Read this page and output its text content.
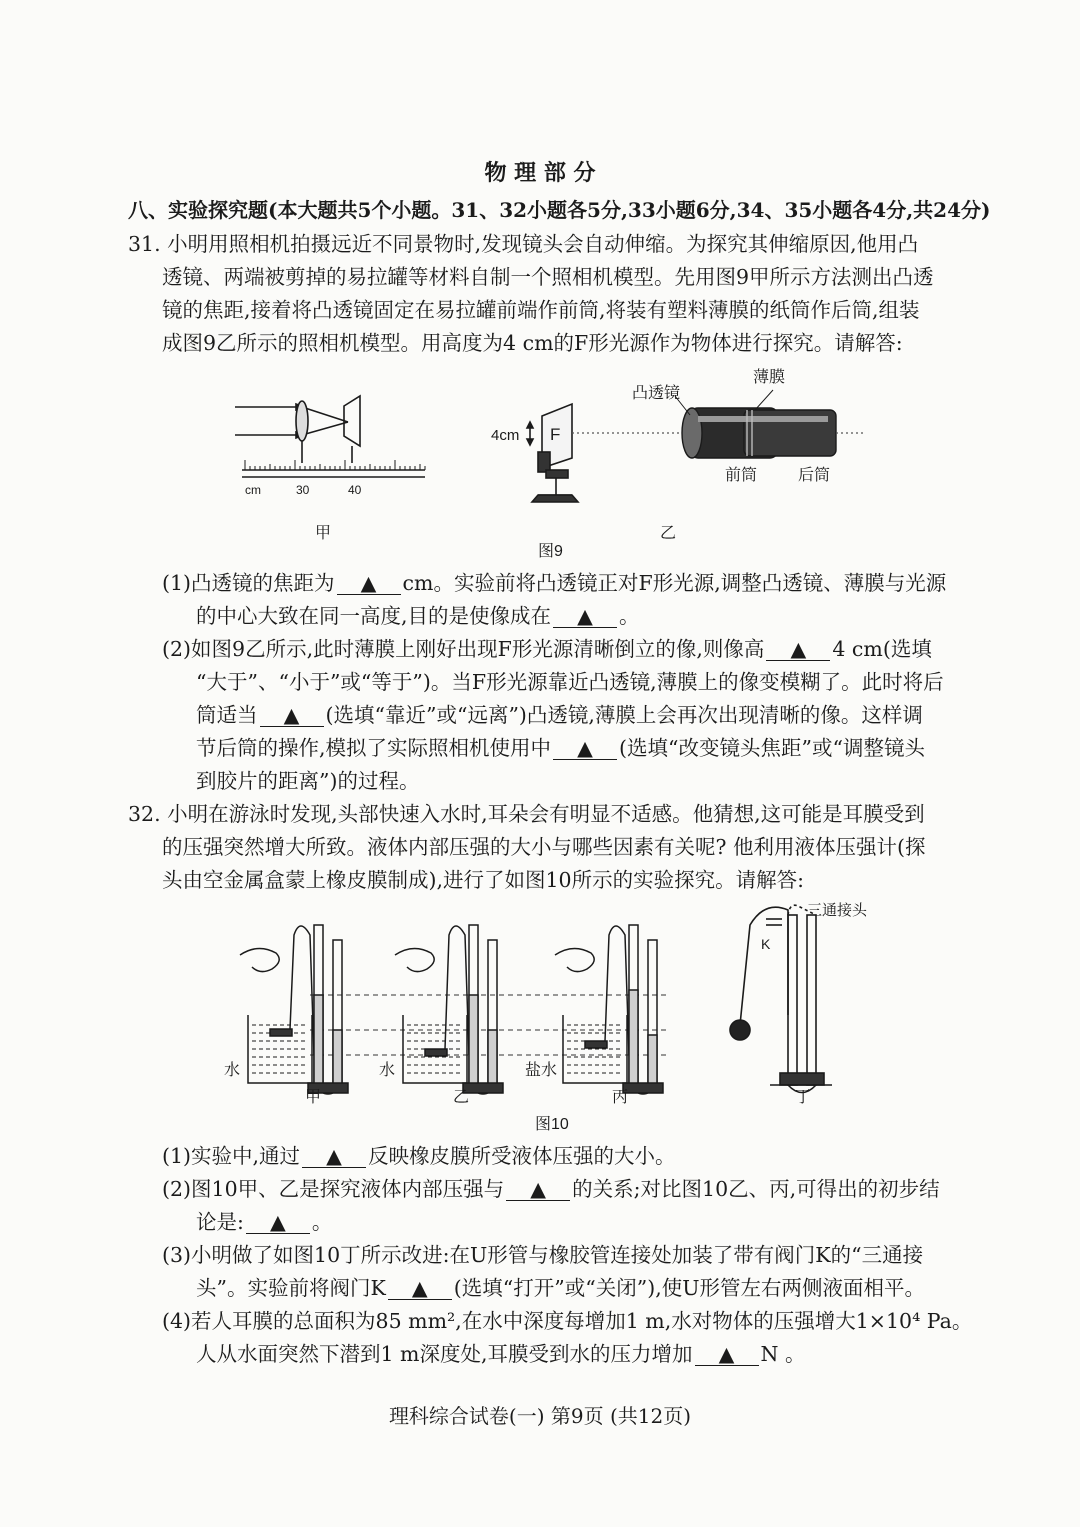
物 理 部 分
八、实验探究题(本大题共5个小题。31、32小题各5分,33小题6分,34、35小题各4分,共24分)
31. 小明用照相机拍摄远近不同景物时,发现镜头会自动伸缩。为探究其伸缩原因,他用凸
透镜、两端被剪掉的易拉罐等材料自制一个照相机模型。先用图9甲所示方法测出凸透
镜的焦距,接着将凸透镜固定在易拉罐前端作前筒,将装有塑料薄膜的纸筒作后筒,组装
成图9乙所示的照相机模型。用高度为4 cm的F形光源作为物体进行探究。请解答:
cm	30	40
甲
4cm F
凸透镜
薄膜
前筒	后筒
乙
图9
(1)凸透镜的焦距为 ▲ cm。实验前将凸透镜正对F形光源,调整凸透镜、薄膜与光源
的中心大致在同一高度,目的是使像成在 ▲ 。
(2)如图9乙所示,此时薄膜上刚好出现F形光源清晰倒立的像,则像高 ▲ 4 cm(选填
“大于”、“小于”或“等于”)。当F形光源靠近凸透镜,薄膜上的像变模糊了。此时将后
筒适当 ▲ (选填“靠近”或“远离”)凸透镜,薄膜上会再次出现清晰的像。这样调
节后筒的操作,模拟了实际照相机使用中 ▲ (选填“改变镜头焦距”或“调整镜头
到胶片的距离”)的过程。
32. 小明在游泳时发现,头部快速入水时,耳朵会有明显不适感。他猜想,这可能是耳膜受到
的压强突然增大所致。液体内部压强的大小与哪些因素有关呢? 他利用液体压强计(探
头由空金属盒蒙上橡皮膜制成),进行了如图10所示的实验探究。请解答:
三通接头
K
丁
水	水	盐水
甲	乙	丙
图10
(1)实验中,通过 ▲ 反映橡皮膜所受液体压强的大小。
(2)图10甲、乙是探究液体内部压强与 ▲ 的关系;对比图10乙、丙,可得出的初步结
论是: ▲ 。
(3)小明做了如图10丁所示改进:在U形管与橡胶管连接处加装了带有阀门K的“三通接
头”。实验前将阀门K ▲ (选填“打开”或“关闭”),使U形管左右两侧液面相平。
(4)若人耳膜的总面积为85 mm²,在水中深度每增加1 m,水对物体的压强增大1×10⁴ Pa。
人从水面突然下潜到1 m深度处,耳膜受到水的压力增加 ▲ N 。
理科综合试卷(一) 第9页 (共12页)
